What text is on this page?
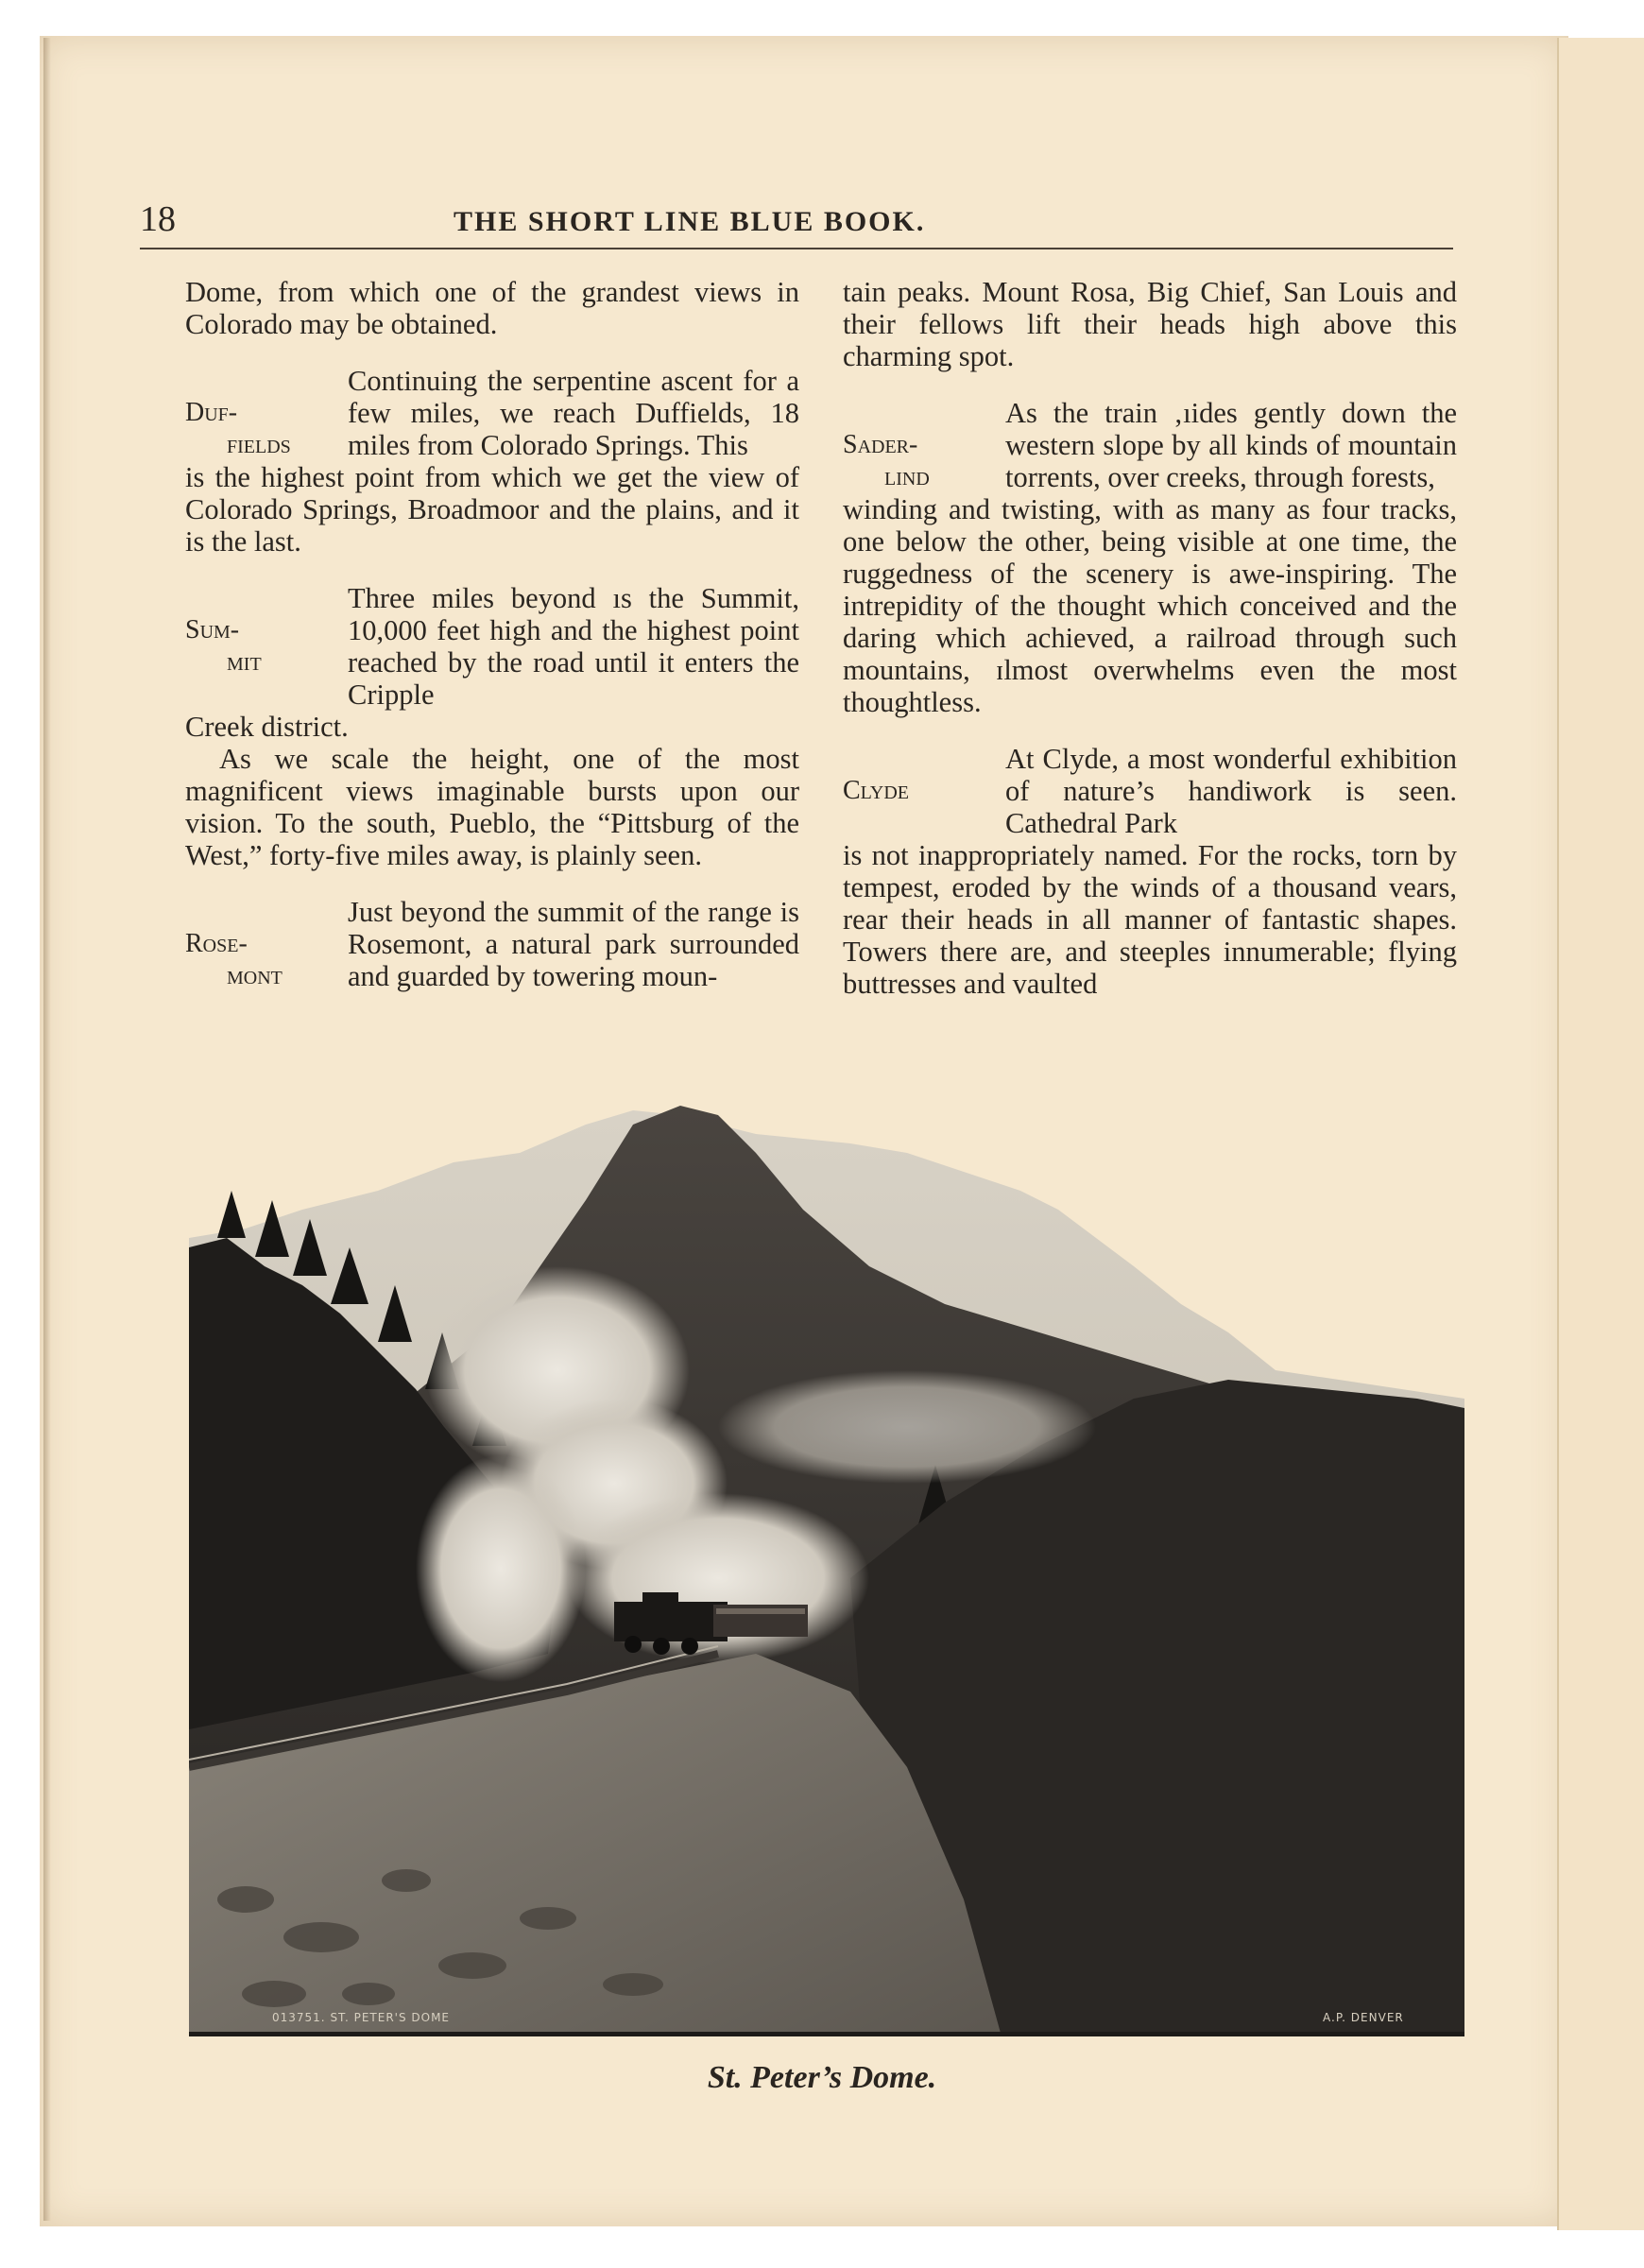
18	THE SHORT LINE BLUE BOOK.

Dome, from which one of the grandest views in Colorado may be obtained.

Duf-
fields

Continuing the serpentine ascent for a few miles, we reach Duffields, 18 miles from Colorado Springs. This

is the highest point from which we get the view of Colorado Springs, Broadmoor and the plains, and it is the last.

Sum-
mit

Three miles beyond ıs the Summit, 10,000 feet high and the highest point reached by the road until it enters the Cripple

Creek district.

As we scale the height, one of the most magnificent views imaginable bursts upon our vision. To the south, Pueblo, the “Pittsburg of the West,” forty-five miles away, is plainly seen.

Rose-
mont

Just beyond the summit of the range is Rosemont, a natural park surrounded and guarded by towering moun-

tain peaks. Mount Rosa, Big Chief, San Louis and their fellows lift their heads high above this charming spot.

Sader-
lind

As the train ‚ıides gently down the western slope by all kinds of mountain torrents, over creeks, through forests,

winding and twisting, with as many as four tracks, one below the other, being visible at one time, the ruggedness of the scenery is awe-inspiring. The intrepidity of the thought which conceived and the daring which achieved, a railroad through such mountains, ɪlmost overwhelms even the most thoughtless.

Clyde

At Clyde, a most wonderful exhibition of nature’s handiwork is seen. Cathedral Park

is not inappropriately named. For the rocks, torn by tempest, eroded by the winds of a thousand vears, rear their heads in all manner of fantastic shapes. Towers there are, and steeples innumerable; flying buttresses and vaulted

013751. ST. PETER'S DOME	A.P. DENVER
St. Peter’s Dome.
